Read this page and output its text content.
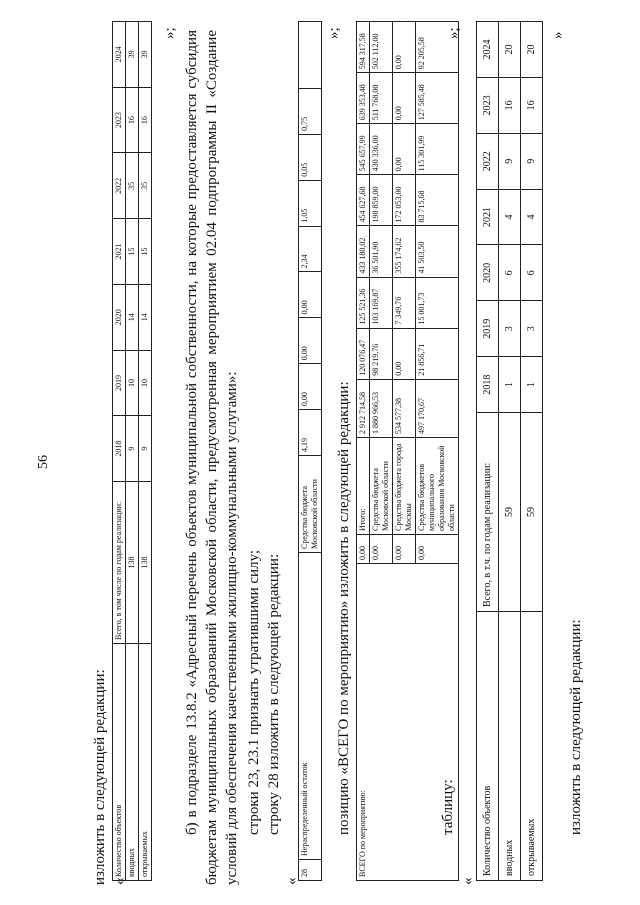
56
изложить в следующей редакции: «
Количество объектов	Всего, в том числе по годам реализации:	2018	2019	2020	2021	2022	2023	2024
вводных	138	9	10	14	15	35	16	39
открываемых	138	9	10	14	15	35	16	39
»; б) в подразделе 13.8.2 «Адресный перечень объектов муниципальной собственности, на которые предоставляется субсидия бюджетам муниципальных образований Московской области, предусмотренная мероприятием 02.04 подпрограммы II «Создание условий для обеспечения качественными жилищно-коммунальными услугами»: строки 23, 23.1 признать утратившими силу; строку 28 изложить в следующей редакции:
«
28	Нераспределенный остаток	Средства бюджета Московской области	4,19	0,00	0,00	0,00	2,34	1,05	0,05	0,75	
»;
позицию «ВСЕГО по мероприятию» изложить в следующей редакции: ВСЕГО по мероприятию:	0,00	Итого:	2 912 714,58	120 076,47	125 521,36	433 180,02	454 627,68	545 657,99	639 353,48	594 317,58
	0,00	Средства бюджета Московской области	1 880 966,53	98 219,76	103 169,87	36 501,90	198 859,00	430 336,00	511 768,00	502 112,00
	0,00	Средства бюджета города Москвы	534 577,38	0,00	7 349,76	355 174,62	172 053,00	0,00	0,00	0,00
	0,00	Средства бюджетов муниципального образования Московской области	497 170,67	21 856,71	15 001,73	41 503,50	83 715,68	115 301,99	127 585,48	92 205,58
»;
таблицу:
«
Количество объектов	Всего, в т.ч. по годам реализации:	2018	2019	2020	2021	2022	2023	2024
вводных	59	1	3	6	4	9	16	20
открываемых	59	1	3	6	4	9	16	20
»
изложить в следующей редакции:
